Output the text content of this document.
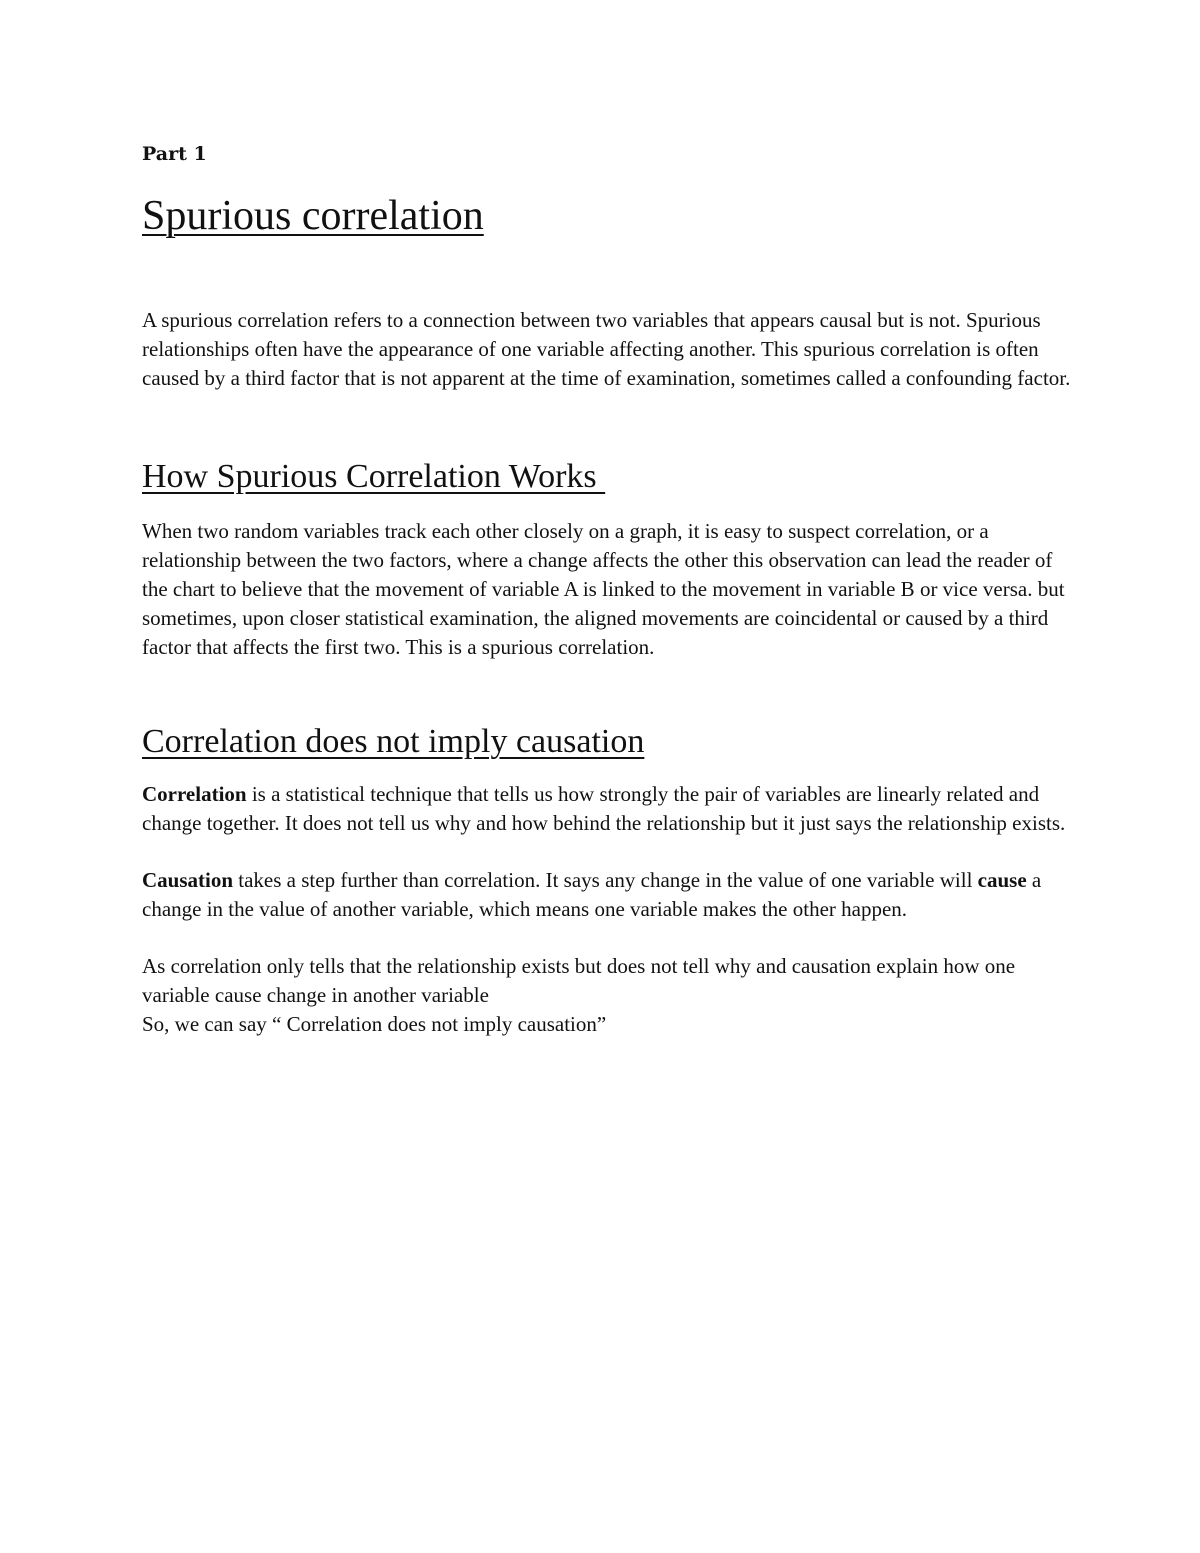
Part 1

Spurious correlation

A spurious correlation refers to a connection between two variables that appears causal but is not. Spurious relationships often have the appearance of one variable affecting another. This spurious correlation is often caused by a third factor that is not apparent at the time of examination, sometimes called a confounding factor.

How Spurious Correlation Works

When two random variables track each other closely on a graph, it is easy to suspect correlation, or a relationship between the two factors, where a change affects the other this observation can lead the reader of the chart to believe that the movement of variable A is linked to the movement in variable B or vice versa. but sometimes, upon closer statistical examination, the aligned movements are coincidental or caused by a third factor that affects the first two. This is a spurious correlation.

Correlation does not imply causation

Correlation is a statistical technique that tells us how strongly the pair of variables are linearly related and change together. It does not tell us why and how behind the relationship but it just says the relationship exists.

Causation takes a step further than correlation. It says any change in the value of one variable will cause a change in the value of another variable, which means one variable makes the other happen.

As correlation only tells that the relationship exists but does not tell why and causation explain how one variable cause change in another variable
So, we can say “ Correlation does not imply causation”
